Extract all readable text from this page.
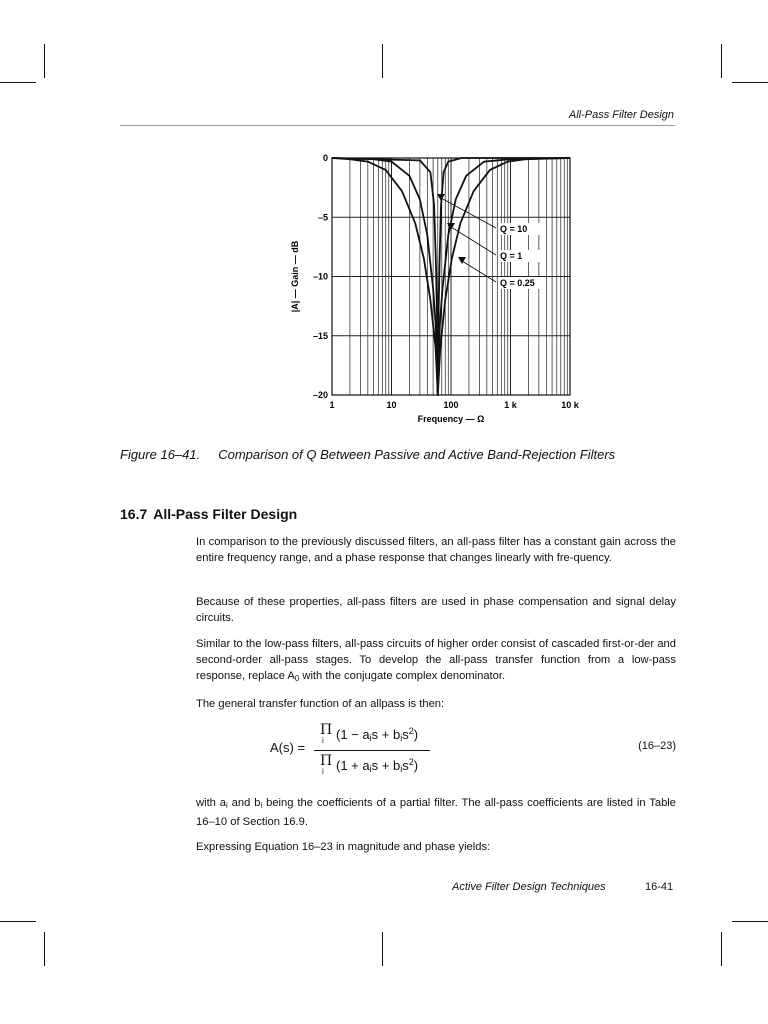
All-Pass Filter Design
0
–5
–10
–15
–20
1	10	100	1 k	10 k
Frequency — Ω
|A| — Gain — dB
Q = 10
Q = 1
Q = 0.25
Figure 16–41. Comparison of Q Between Passive and Active Band-Rejection Filters
16.7 All-Pass Filter Design

In comparison to the previously discussed filters, an all-pass filter has a constant gain across the entire frequency range, and a phase response that changes linearly with fre-quency.

Because of these properties, all-pass filters are used in phase compensation and signal delay circuits.

Similar to the low-pass filters, all-pass circuits of higher order consist of cascaded first-or-der and second-order all-pass stages. To develop the all-pass transfer function from a low-pass response, replace $A_0$ with the conjugate complex denominator.

The general transfer function of an allpass is then:

A(s) =
Π
i $(1 - a_is + b_is^2)$
Π
i $(1 + a_is + b_is^2)$
(16–23)

with $a_i$ and $b_i$ being the coefficients of a partial filter. The all-pass coefficients are listed in Table 16–10 of Section 16.9.

Expressing Equation 16–23 in magnitude and phase yields:

Active Filter Design Techniques	16-41
